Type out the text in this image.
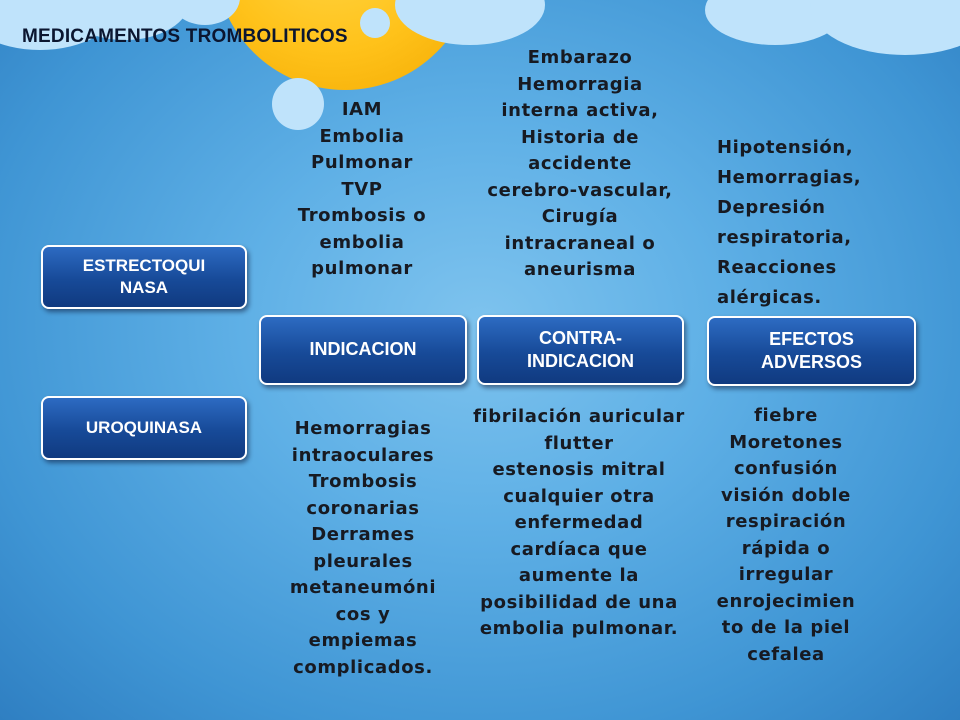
MEDICAMENTOS TROMBOLITICOS
ESTRECTOQUI
NASA
UROQUINASA
INDICACION
CONTRA-
INDICACION
EFECTOS
ADVERSOS

IAM
Embolia
Pulmonar
TVP
Trombosis o
embolia
pulmonar

Embarazo
Hemorragia
interna activa,
Historia de
accidente
cerebro-vascular,
Cirugía
intracraneal o
aneurisma

Hipotensión,
Hemorragias,
Depresión
respiratoria,
Reacciones
alérgicas.

Hemorragias
intraoculares
Trombosis
coronarias
Derrames
pleurales
metaneumóni
cos y
empiemas
complicados.

fibrilación auricular
flutter
estenosis mitral
cualquier otra
enfermedad
cardíaca que
aumente la
posibilidad de una
embolia pulmonar.

fiebre
Moretones
confusión
visión doble
respiración
rápida o
irregular
enrojecimien
to de la piel
cefalea
